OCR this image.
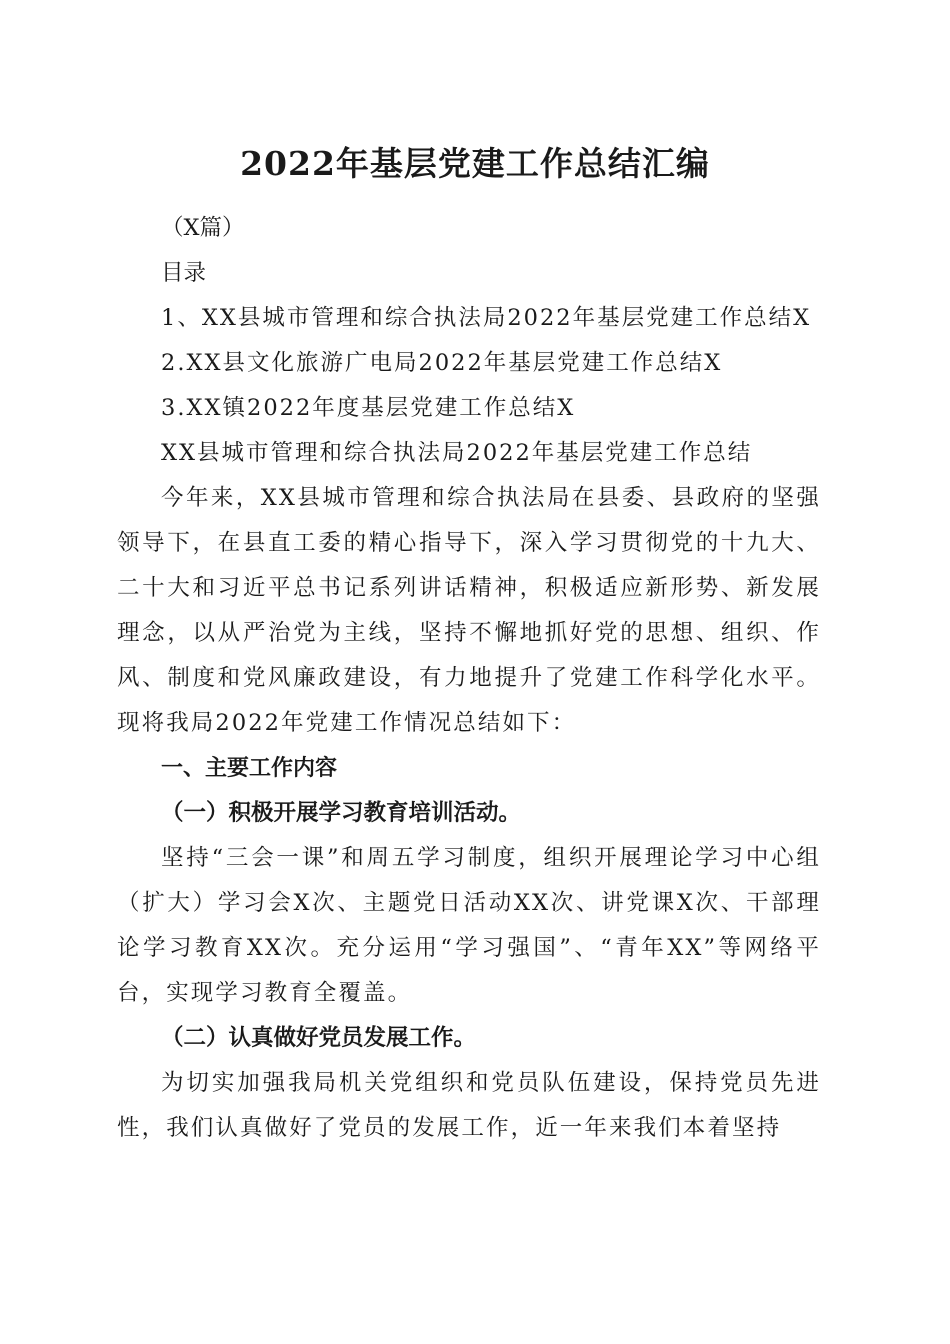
2022年基层党建工作总结汇编

（X篇）

目录

1、XX县城市管理和综合执法局2022年基层党建工作总结X

2.XX县文化旅游广电局2022年基层党建工作总结X

3.XX镇2022年度基层党建工作总结X

XX县城市管理和综合执法局2022年基层党建工作总结

今年来，XX县城市管理和综合执法局在县委、县政府的坚强领导下，在县直工委的精心指导下，深入学习贯彻党的十九大、二十大和习近平总书记系列讲话精神，积极适应新形势、新发展理念，以从严治党为主线，坚持不懈地抓好党的思想、组织、作风、制度和党风廉政建设，有力地提升了党建工作科学化水平。现将我局2022年党建工作情况总结如下：

一、主要工作内容

（一）积极开展学习教育培训活动。

坚持“三会一课”和周五学习制度，组织开展理论学习中心组（扩大）学习会X次、主题党日活动XX次、讲党课X次、干部理论学习教育XX次。充分运用“学习强国”、“青年XX”等网络平台，实现学习教育全覆盖。

（二）认真做好党员发展工作。

为切实加强我局机关党组织和党员队伍建设，保持党员先进性，我们认真做好了党员的发展工作，近一年来我们本着坚持
